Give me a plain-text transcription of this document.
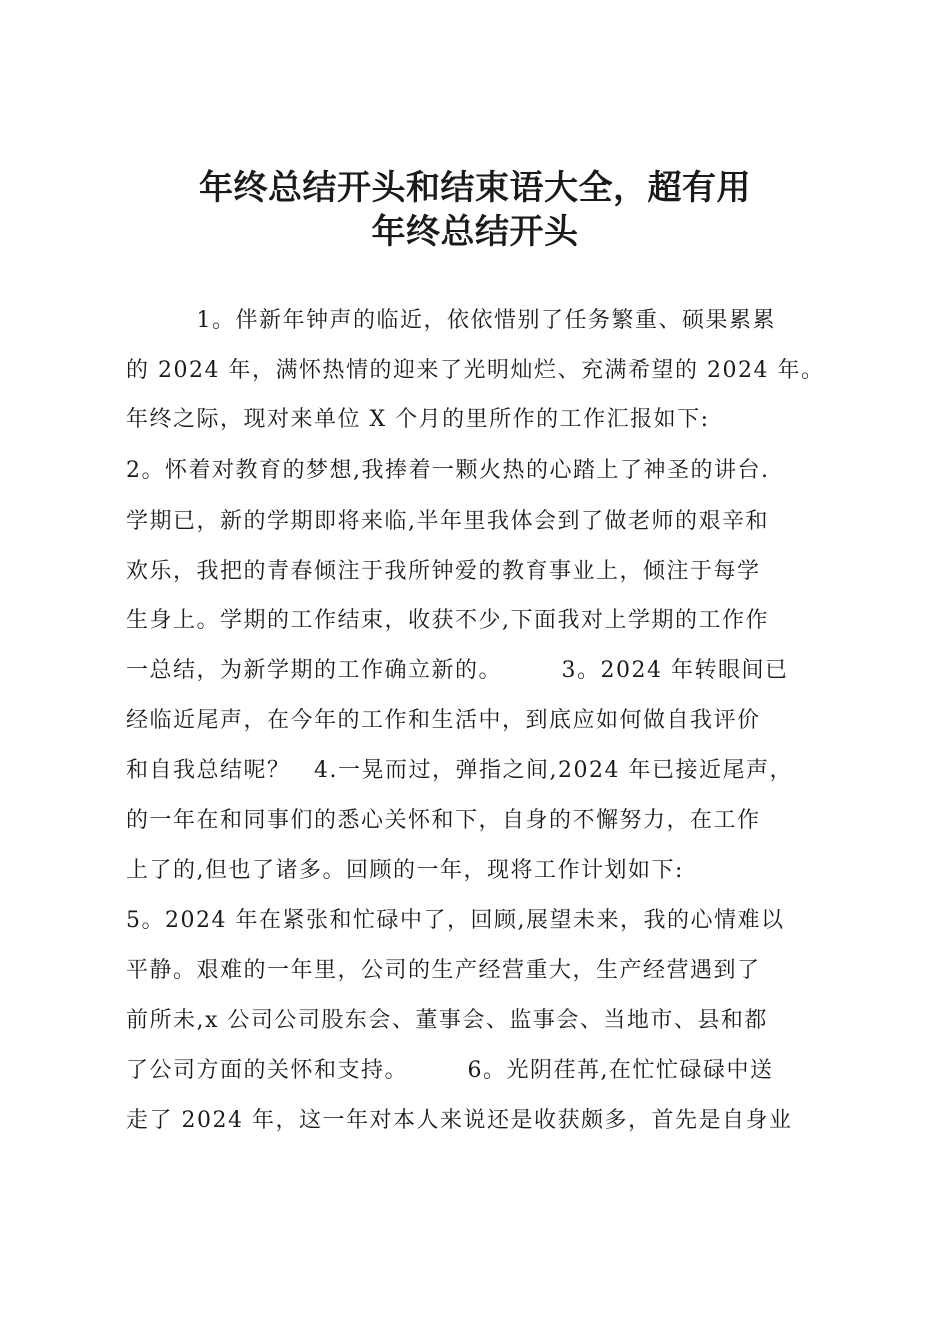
年终总结开头和结束语大全，超有用
年终总结开头

　　　1。伴新年钟声的临近，依依惜别了任务繁重、硕果累累

的 2024 年，满怀热情的迎来了光明灿烂、充满希望的 2024 年。

年终之际，现对来单位 X 个月的里所作的工作汇报如下:

2。怀着对教育的梦想,我捧着一颗火热的心踏上了神圣的讲台.

学期已，新的学期即将来临,半年里我体会到了做老师的艰辛和

欢乐，我把的青春倾注于我所钟爱的教育事业上，倾注于每学

生身上。学期的工作结束，收获不少,下面我对上学期的工作作

一总结，为新学期的工作确立新的。　　　3。2024 年转眼间已

经临近尾声，在今年的工作和生活中，到底应如何做自我评价

和自我总结呢？　4.一晃而过，弹指之间,2024 年已接近尾声，

的一年在和同事们的悉心关怀和下，自身的不懈努力，在工作

上了的,但也了诸多。回顾的一年，现将工作计划如下:

5。2024 年在紧张和忙碌中了，回顾,展望未来，我的心情难以

平静。艰难的一年里，公司的生产经营重大，生产经营遇到了

前所未,x 公司公司股东会、董事会、监事会、当地市、县和都

了公司方面的关怀和支持。　　　6。光阴荏苒,在忙忙碌碌中送

走了 2024 年，这一年对本人来说还是收获颇多，首先是自身业
